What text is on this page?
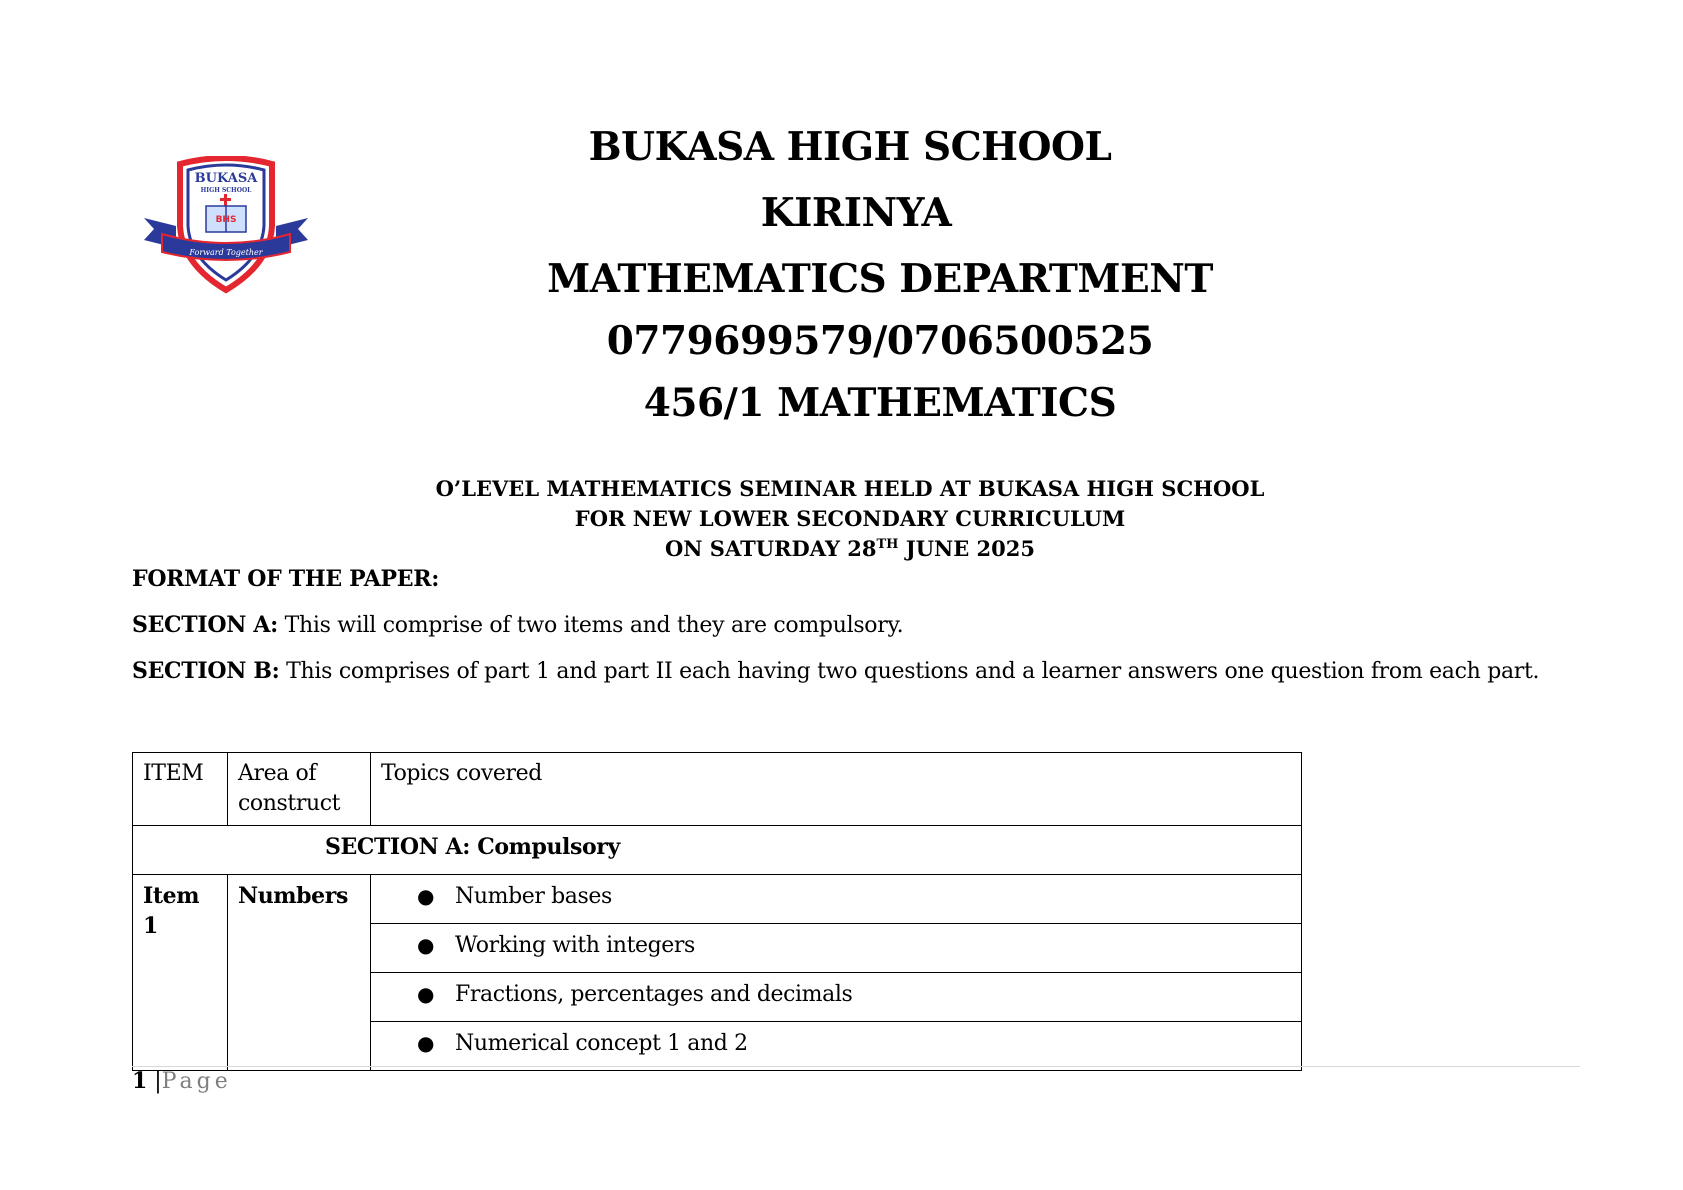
BUKASA
HIGH SCHOOL
BHS
Forward Together
BUKASA HIGH SCHOOL
KIRINYA
MATHEMATICS DEPARTMENT
0779699579/0706500525
456/1 MATHEMATICS
O’LEVEL MATHEMATICS SEMINAR HELD AT BUKASA HIGH SCHOOL
FOR NEW LOWER SECONDARY CURRICULUM
ON SATURDAY 28TH JUNE 2025
FORMAT OF THE PAPER:
SECTION A: This will comprise of two items and they are compulsory.
SECTION B: This comprises of part 1 and part II each having two questions and a learner answers one question from each part.
ITEM	Area of construct	Topics covered
SECTION A: Compulsory		
Item 1	Numbers	● Number bases
		● Working with integers
		● Fractions, percentages and decimals
		● Numerical concept 1 and 2
1 |Page
